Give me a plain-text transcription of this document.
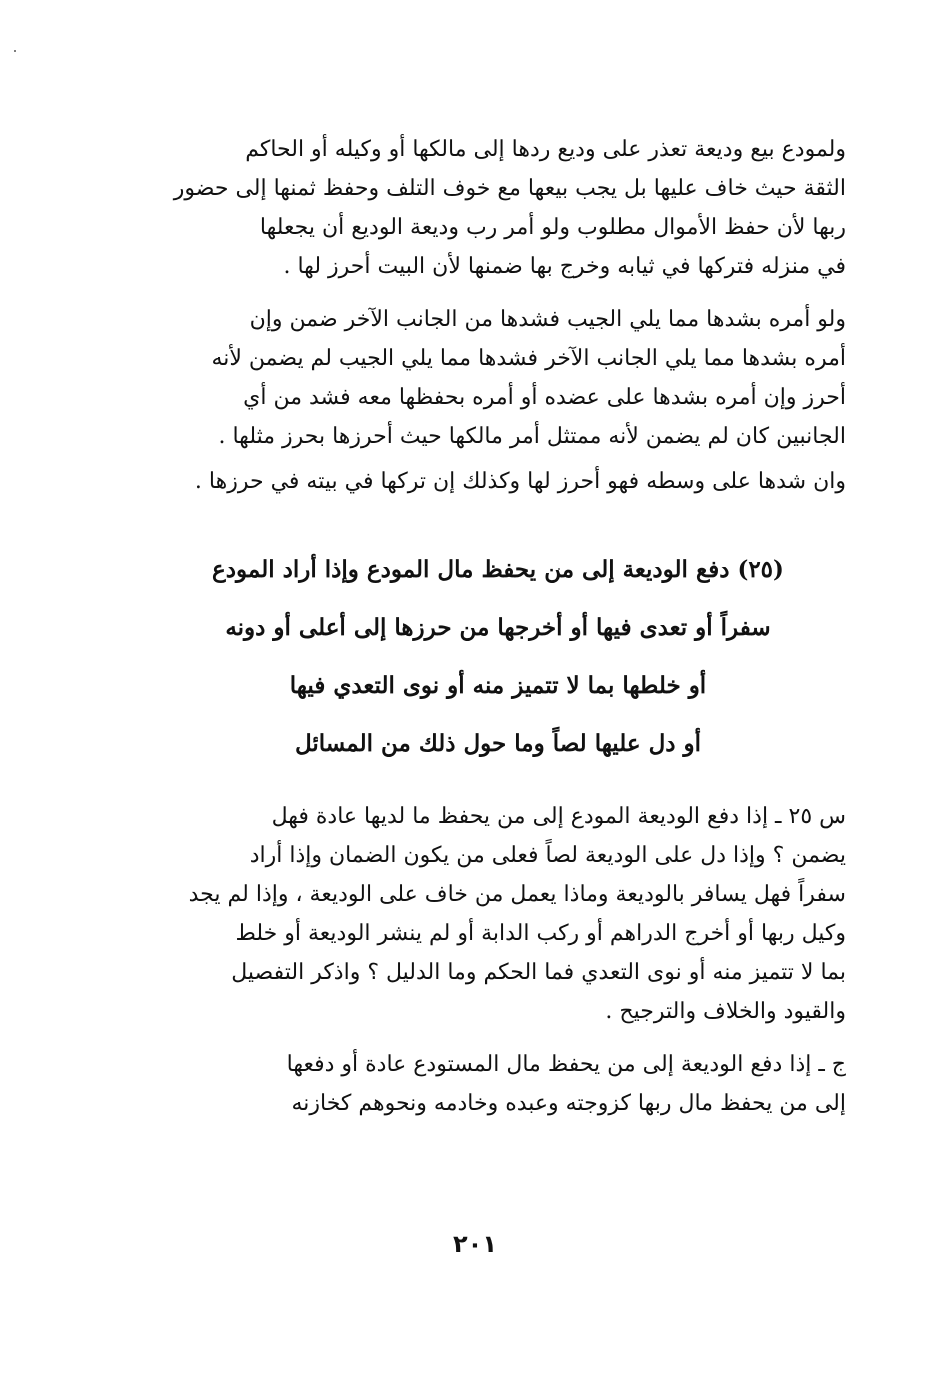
ولمودع بيع وديعة تعذر على وديع ردها إلى مالكها أو وكيله أو الحاكم
الثقة حيث خاف عليها بل يجب بيعها مع خوف التلف وحفظ ثمنها إلى حضور
ربها لأن حفظ الأموال مطلوب ولو أمر رب وديعة الوديع أن يجعلها
في منزله فتركها في ثيابه وخرج بها ضمنها لأن البيت أحرز لها .

ولو أمره بشدها مما يلي الجيب فشدها من الجانب الآخر ضمن وإن
أمره بشدها مما يلي الجانب الآخر فشدها مما يلي الجيب لم يضمن لأنه
أحرز وإن أمره بشدها على عضده أو أمره بحفظها معه فشد من أي
الجانبين كان لم يضمن لأنه ممتثل أمر مالكها حيث أحرزها بحرز مثلها .

وان شدها على وسطه فهو أحرز لها وكذلك إن تركها في بيته في حرزها .

(٢٥) دفع الوديعة إلى من يحفظ مال المودع وإذا أراد المودع
سفراً أو تعدى فيها أو أخرجها من حرزها إلى أعلى أو دونه
أو خلطها بما لا تتميز منه أو نوى التعدي فيها
أو دل عليها لصاً وما حول ذلك من المسائل

س ٢٥ ـ إذا دفع الوديعة المودع إلى من يحفظ ما لديها عادة فهل
يضمن ؟ وإذا دل على الوديعة لصاً فعلى من يكون الضمان وإذا أراد
سفراً فهل يسافر بالوديعة وماذا يعمل من خاف على الوديعة ، وإذا لم يجد
وكيل ربها أو أخرج الدراهم أو ركب الدابة أو لم ينشر الوديعة أو خلط
بما لا تتميز منه أو نوى التعدي فما الحكم وما الدليل ؟ واذكر التفصيل
والقيود والخلاف والترجيح .

ج ـ إذا دفع الوديعة إلى من يحفظ مال المستودع عادة أو دفعها
إلى من يحفظ مال ربها كزوجته وعبده وخادمه ونحوهم كخازنه

٢٠١
